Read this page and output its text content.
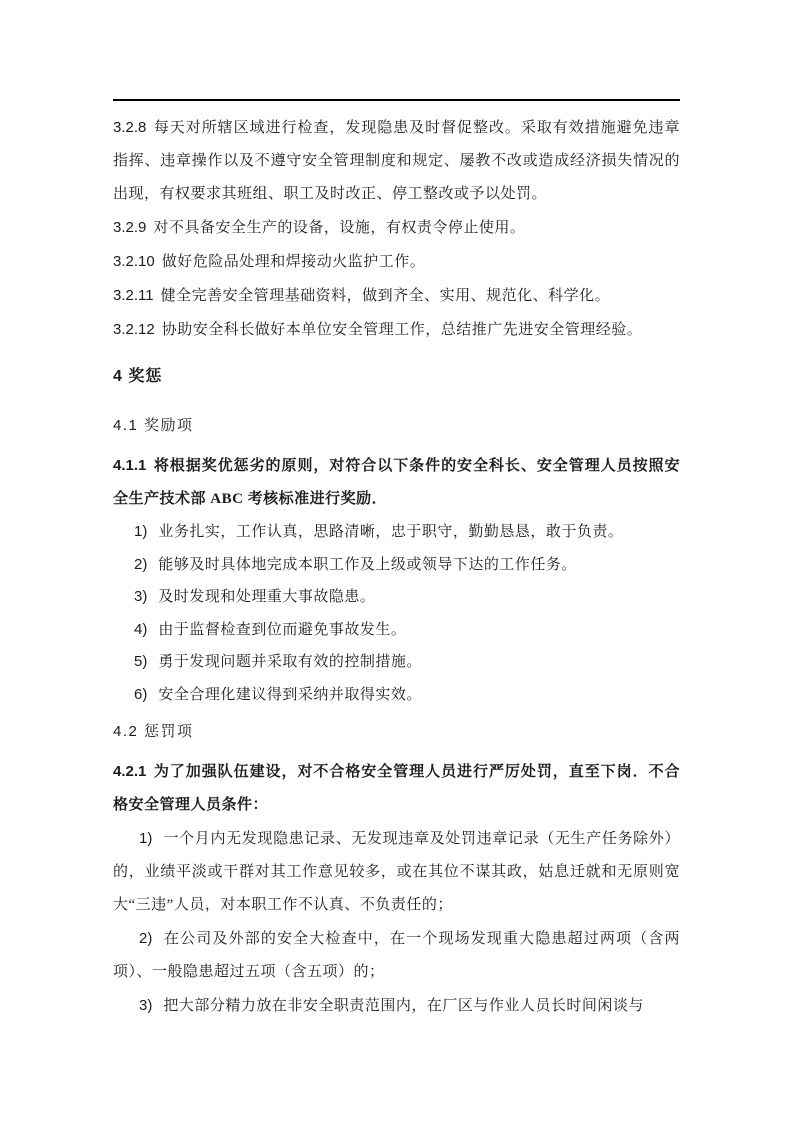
3.2.8 每天对所辖区域进行检查，发现隐患及时督促整改。采取有效措施避免违章指挥、违章操作以及不遵守安全管理制度和规定、屡教不改或造成经济损失情况的出现，有权要求其班组、职工及时改正、停工整改或予以处罚。

3.2.9 对不具备安全生产的设备，设施，有权责令停止使用。

3.2.10 做好危险品处理和焊接动火监护工作。

3.2.11 健全完善安全管理基础资料，做到齐全、实用、规范化、科学化。

3.2.12 协助安全科长做好本单位安全管理工作，总结推广先进安全管理经验。

4 奖惩
4.1 奖励项

4.1.1 将根据奖优惩劣的原则，对符合以下条件的安全科长、安全管理人员按照安全生产技术部 ABC 考核标准进行奖励．

1) 业务扎实，工作认真，思路清晰，忠于职守，勤勤恳恳，敢于负责。

2) 能够及时具体地完成本职工作及上级或领导下达的工作任务。

3) 及时发现和处理重大事故隐患。

4) 由于监督检查到位而避免事故发生。

5) 勇于发现问题并采取有效的控制措施。

6) 安全合理化建议得到采纳并取得实效。

4.2 惩罚项

4.2.1 为了加强队伍建设，对不合格安全管理人员进行严厉处罚，直至下岗．不合格安全管理人员条件：

1) 一个月内无发现隐患记录、无发现违章及处罚违章记录（无生产任务除外）的，业绩平淡或干群对其工作意见较多，或在其位不谋其政，姑息迁就和无原则宽大“三违”人员，对本职工作不认真、不负责任的；

2) 在公司及外部的安全大检查中，在一个现场发现重大隐患超过两项（含两项）、一般隐患超过五项（含五项）的；

3) 把大部分精力放在非安全职责范围内，在厂区与作业人员长时间闲谈与
